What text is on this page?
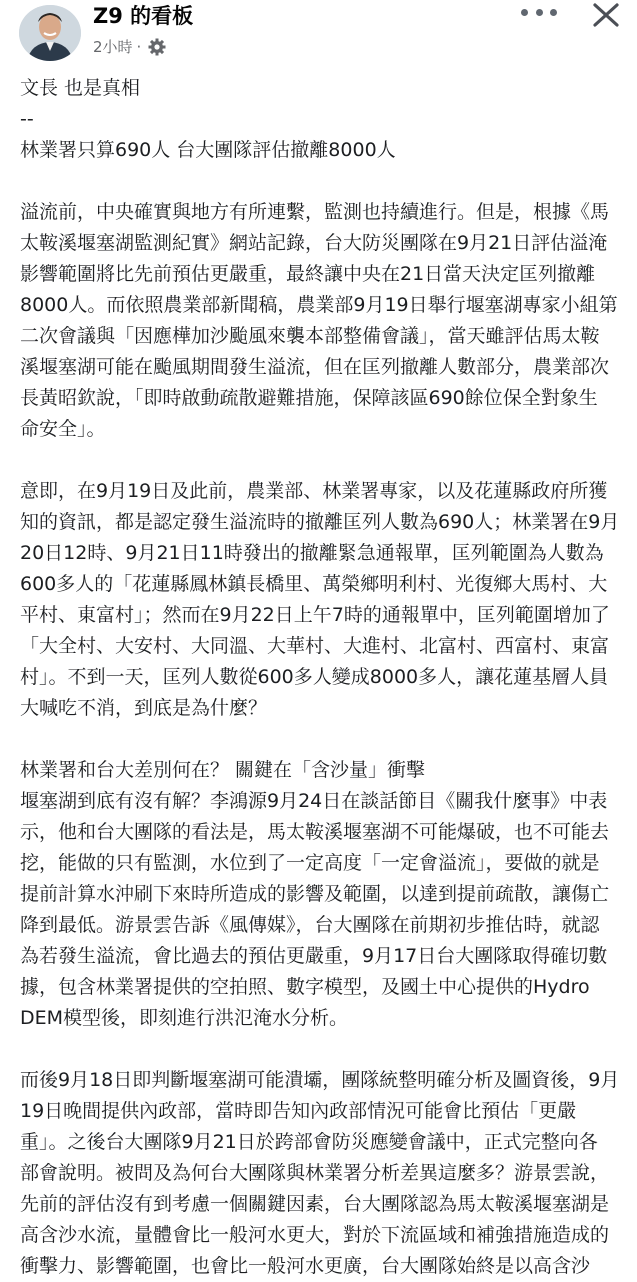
Z9 的看板
2小時 ·
文長 也是真相
--
林業署只算690人 台大團隊評估撤離8000人
溢流前，中央確實與地方有所連繫，監測也持續進行。但是，根據《馬
太鞍溪堰塞湖監測紀實》網站記錄，台大防災團隊在9月21日評估溢淹
影響範圍將比先前預估更嚴重，最終讓中央在21日當天決定匡列撤離
8000人。而依照農業部新聞稿，農業部9月19日舉行堰塞湖專家小組第
二次會議與「因應樺加沙颱風來襲本部整備會議」，當天雖評估馬太鞍
溪堰塞湖可能在颱風期間發生溢流，但在匡列撤離人數部分，農業部次
長黃昭欽說，「即時啟動疏散避難措施，保障該區690餘位保全對象生
命安全」。
意即，在9月19日及此前，農業部、林業署專家，以及花蓮縣政府所獲
知的資訊，都是認定發生溢流時的撤離匡列人數為690人；林業署在9月
20日12時、9月21日11時發出的撤離緊急通報單，匡列範圍為人數為
600多人的「花蓮縣鳳林鎮長橋里、萬榮鄉明利村、光復鄉大馬村、大
平村、東富村」；然而在9月22日上午7時的通報單中，匡列範圍增加了
「大全村、大安村、大同溫、大華村、大進村、北富村、西富村、東富
村」。不到一天，匡列人數從600多人變成8000多人，讓花蓮基層人員
大喊吃不消，到底是為什麼？
林業署和台大差別何在？ 關鍵在「含沙量」衝擊
堰塞湖到底有沒有解？李鴻源9月24日在談話節目《關我什麼事》中表
示，他和台大團隊的看法是，馬太鞍溪堰塞湖不可能爆破，也不可能去
挖，能做的只有監測，水位到了一定高度「一定會溢流」，要做的就是
提前計算水沖刷下來時所造成的影響及範圍，以達到提前疏散，讓傷亡
降到最低。游景雲告訴《風傳媒》，台大團隊在前期初步推估時，就認
為若發生溢流，會比過去的預估更嚴重，9月17日台大團隊取得確切數
據，包含林業署提供的空拍照、數字模型，及國土中心提供的Hydro
DEM模型後，即刻進行洪氾淹水分析。
而後9月18日即判斷堰塞湖可能潰壩，團隊統整明確分析及圖資後，9月
19日晚間提供內政部，當時即告知內政部情況可能會比預估「更嚴
重」。之後台大團隊9月21日於跨部會防災應變會議中，正式完整向各
部會說明。被問及為何台大團隊與林業署分析差異這麼多？游景雲說，
先前的評估沒有到考慮一個關鍵因素，台大團隊認為馬太鞍溪堰塞湖是
高含沙水流，量體會比一般河水更大，對於下流區域和補強措施造成的
衝擊力、影響範圍，也會比一般河水更廣，台大團隊始終是以高含沙
